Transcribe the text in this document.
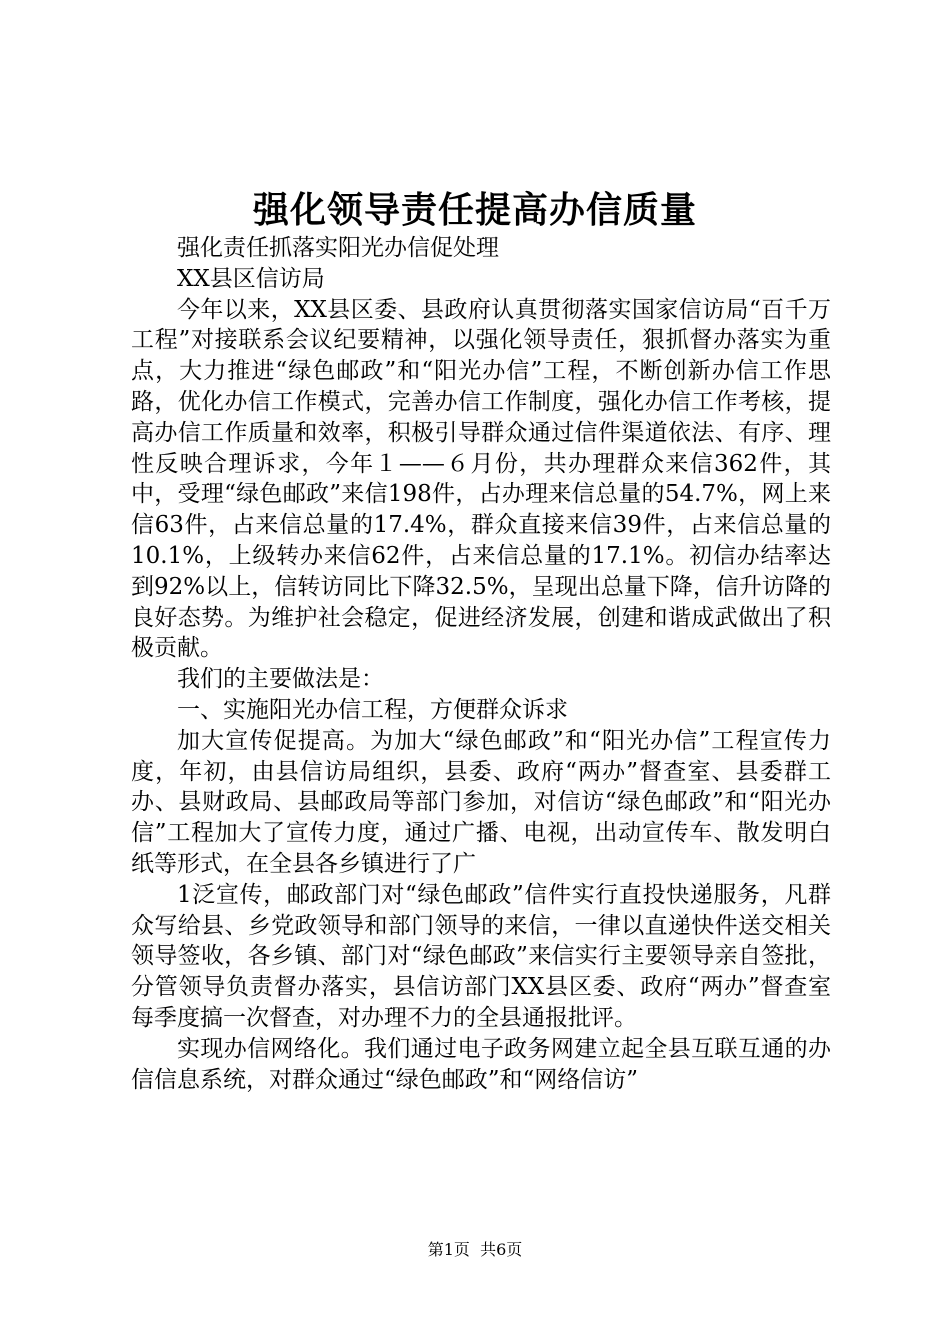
强化领导责任提高办信质量

强化责任抓落实阳光办信促处理

XX县区信访局

今年以来，XX县区委、县政府认真贯彻落实国家信访局“百千万工程”对接联系会议纪要精神，以强化领导责任，狠抓督办落实为重点，大力推进“绿色邮政”和“阳光办信”工程，不断创新办信工作思路，优化办信工作模式，完善办信工作制度，强化办信工作考核，提高办信工作质量和效率，积极引导群众通过信件渠道依法、有序、理性反映合理诉求，今年１——６月份，共办理群众来信362件，其中，受理“绿色邮政”来信198件，占办理来信总量的54.7%，网上来信63件，占来信总量的17.4%，群众直接来信39件，占来信总量的10.1%，上级转办来信62件，占来信总量的17.1%。初信办结率达到92%以上，信转访同比下降32.5%，呈现出总量下降，信升访降的良好态势。为维护社会稳定，促进经济发展，创建和谐成武做出了积极贡献。

我们的主要做法是：

一、实施阳光办信工程，方便群众诉求

加大宣传促提高。为加大“绿色邮政”和“阳光办信”工程宣传力度，年初，由县信访局组织，县委、政府“两办”督查室、县委群工办、县财政局、县邮政局等部门参加，对信访“绿色邮政”和“阳光办信”工程加大了宣传力度，通过广播、电视，出动宣传车、散发明白纸等形式，在全县各乡镇进行了广

1泛宣传，邮政部门对“绿色邮政”信件实行直投快递服务，凡群众写给县、乡党政领导和部门领导的来信，一律以直递快件送交相关领导签收，各乡镇、部门对“绿色邮政”来信实行主要领导亲自签批，分管领导负责督办落实，县信访部门XX县区委、政府“两办”督查室每季度搞一次督查，对办理不力的全县通报批评。

实现办信网络化。我们通过电子政务网建立起全县互联互通的办信信息系统，对群众通过“绿色邮政”和“网络信访”

第1页 共6页
